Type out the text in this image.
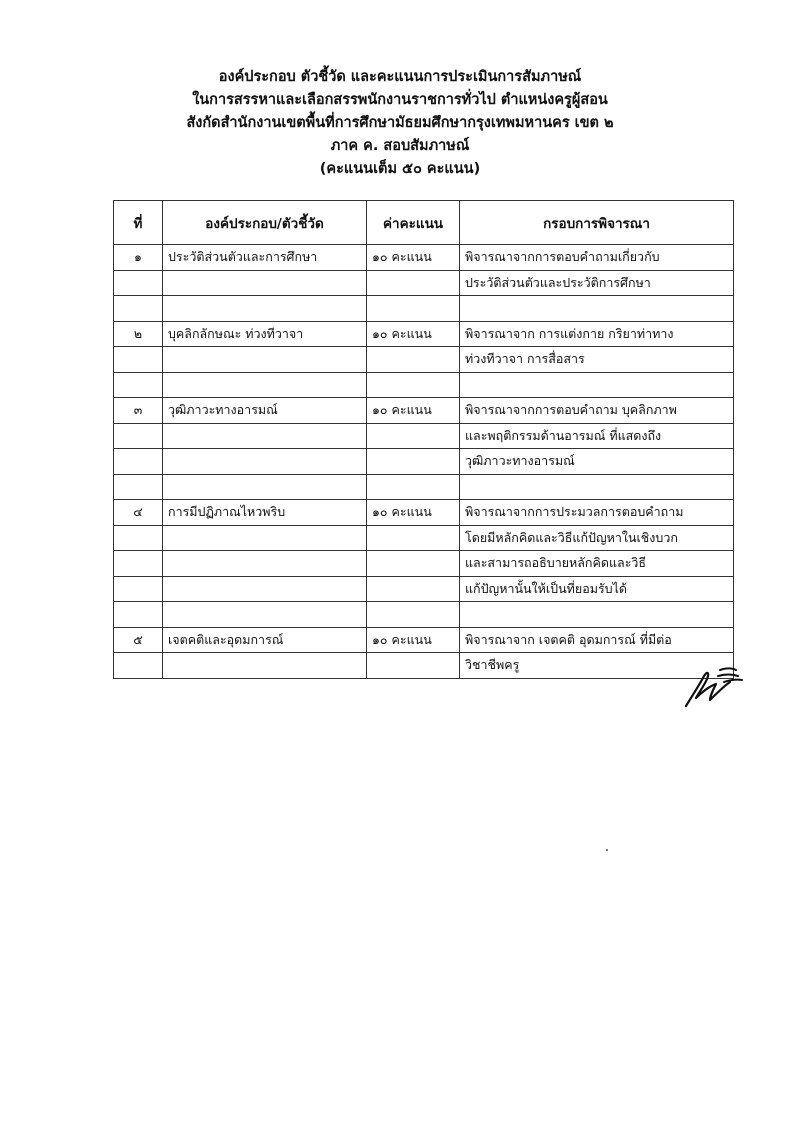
องค์ประกอบ ตัวชี้วัด และคะแนนการประเมินการสัมภาษณ์
ในการสรรหาและเลือกสรรพนักงานราชการทั่วไป ตำแหน่งครูผู้สอน
สังกัดสำนักงานเขตพื้นที่การศึกษามัธยมศึกษากรุงเทพมหานคร เขต ๒
ภาค ค. สอบสัมภาษณ์
(คะแนนเต็ม ๕๐ คะแนน)
ที่	องค์ประกอบ/ตัวชี้วัด	ค่าคะแนน	กรอบการพิจารณา
๑	ประวัติส่วนตัวและการศึกษา	๑๐ คะแนน	พิจารณาจากการตอบคำถามเกี่ยวกับ
			ประวัติส่วนตัวและประวัติการศึกษา

๒	บุคลิกลักษณะ ท่วงทีวาจา	๑๐ คะแนน	พิจารณาจาก การแต่งกาย กริยาท่าทาง
			ท่วงทีวาจา การสื่อสาร

๓	วุฒิภาวะทางอารมณ์	๑๐ คะแนน	พิจารณาจากการตอบคำถาม บุคลิกภาพ
			และพฤติกรรมด้านอารมณ์ ที่แสดงถึง
			วุฒิภาวะทางอารมณ์

๔	การมีปฏิภาณไหวพริบ	๑๐ คะแนน	พิจารณาจากการประมวลการตอบคำถาม
			โดยมีหลักคิดและวิธีแก้ปัญหาในเชิงบวก
			และสามารถอธิบายหลักคิดและวิธี
			แก้ปัญหานั้นให้เป็นที่ยอมรับได้

๕	เจตคติและอุดมการณ์	๑๐ คะแนน	พิจารณาจาก เจตคติ อุดมการณ์ ที่มีต่อ
			วิชาชีพครู
